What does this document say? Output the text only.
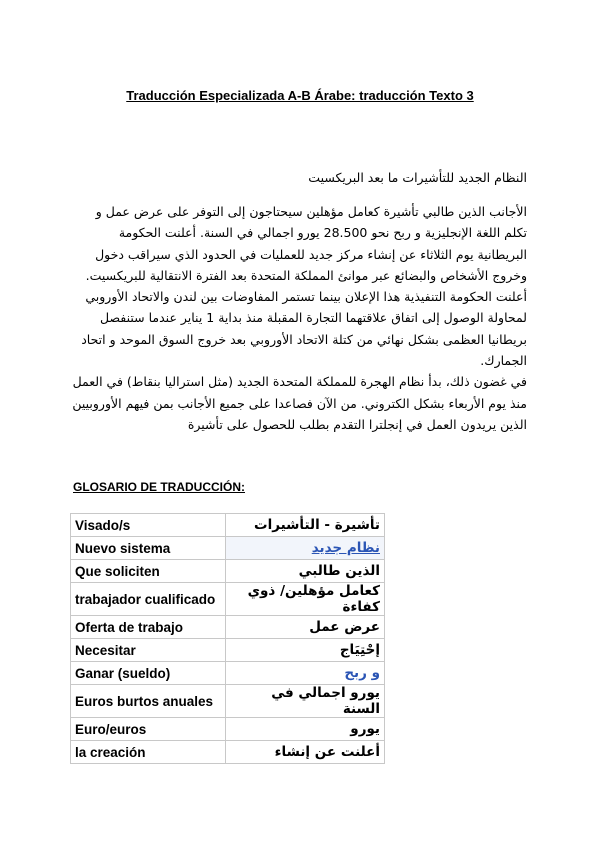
Traducción Especializada A-B Árabe: traducción Texto 3
النظام الجديد للتأشيرات ما بعد البريكسيت

الأجانب الذين طالبي تأشيرة كعامل مؤهلين سيحتاجون إلى التوفر على عرض عمل و تكلم اللغة الإنجليزية و ربح نحو 28.500 يورو اجمالي في السنة. أعلنت الحكومة البريطانية يوم الثلاثاء عن إنشاء مركز جديد للعمليات في الحدود الذي سيراقب دخول وخروج الأشخاص والبضائع عبر موانئ المملكة المتحدة بعد الفترة الانتقالية للبريكسيت.

أعلنت الحكومة التنفيذية هذا الإعلان بينما تستمر المفاوضات بين لندن والاتحاد الأوروبي لمحاولة الوصول إلى اتفاق علاقتهما التجارة المقبلة منذ بداية 1 يناير عندما ستنفصل بريطانيا العظمى بشكل نهائي من كتلة الاتحاد الأوروبي بعد خروج السوق الموحد و اتحاد الجمارك.

في غضون ذلك، بدأ نظام الهجرة للمملكة المتحدة الجديد (مثل استراليا بنقاط) في العمل منذ يوم الأربعاء بشكل الكتروني. من الآن فصاعدا على جميع الأجانب بمن فيهم الأوروبيين الذين يريدون العمل في إنجلترا التقدم بطلب للحصول على تأشيرة

GLOSARIO DE TRADUCCIÓN:
Visado/s	تأشيرة - التأشيرات
Nuevo sistema	نظام جديد
Que soliciten	الذين طالبي
trabajador cualificado	كعامل مؤهلين/ ذوي كفاءة
Oferta de trabajo	عرض عمل
Necesitar	إحْتِيَاج
Ganar (sueldo)	و ربح
Euros burtos anuales	يورو اجمالي في السنة
Euro/euros	يورو
la creación	أعلنت عن إنشاء
